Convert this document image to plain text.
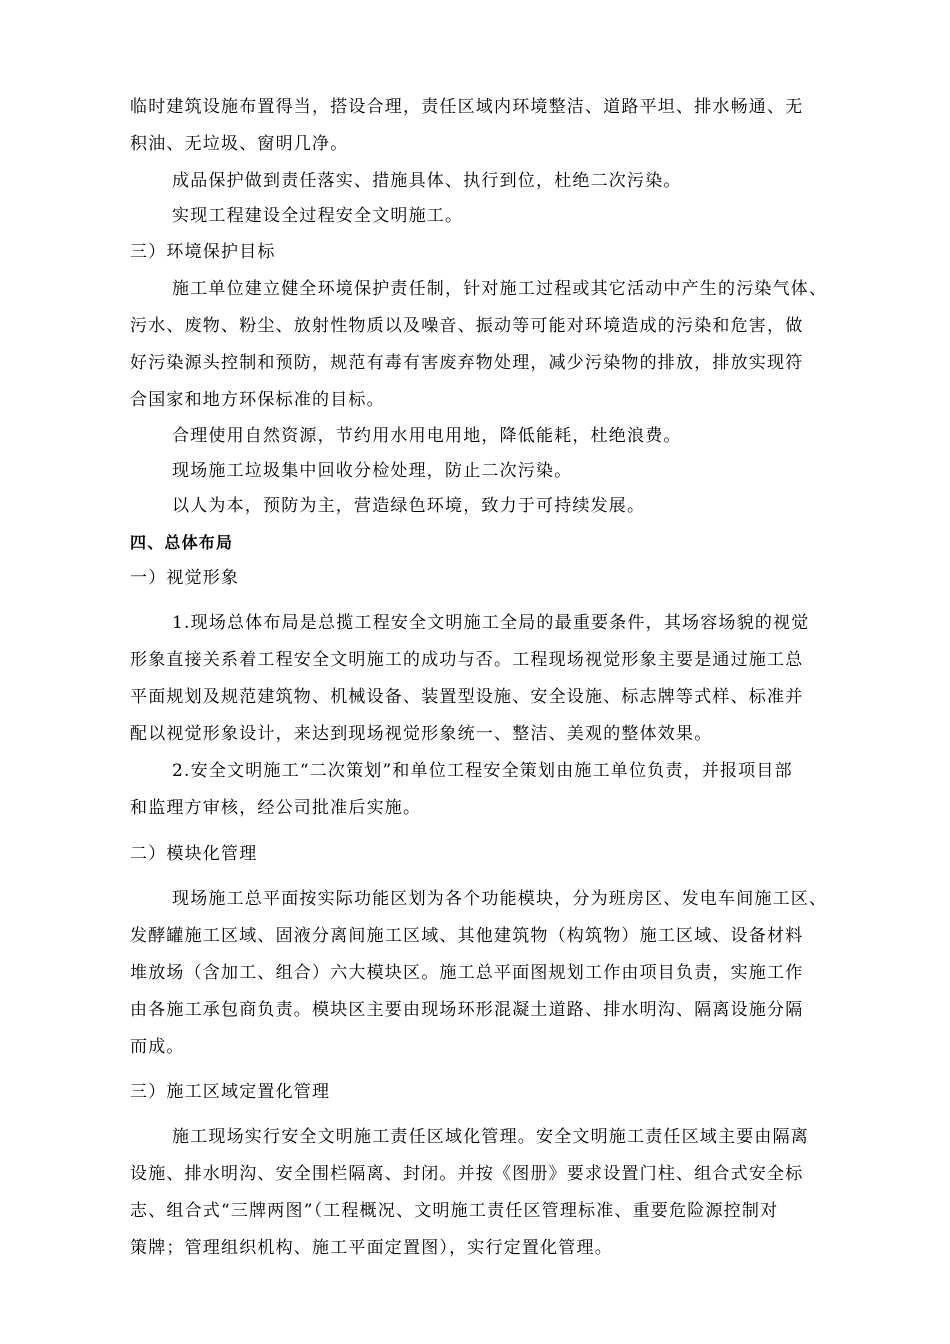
临时建筑设施布置得当，搭设合理，责任区域内环境整洁、道路平坦、排水畅通、无
积油、无垃圾、窗明几净。
成品保护做到责任落实、措施具体、执行到位，杜绝二次污染。
实现工程建设全过程安全文明施工。
三）环境保护目标
施工单位建立健全环境保护责任制，针对施工过程或其它活动中产生的污染气体、
污水、废物、粉尘、放射性物质以及噪音、振动等可能对环境造成的污染和危害，做
好污染源头控制和预防，规范有毒有害废弃物处理，减少污染物的排放，排放实现符
合国家和地方环保标准的目标。
合理使用自然资源，节约用水用电用地，降低能耗，杜绝浪费。
现场施工垃圾集中回收分检处理，防止二次污染。
以人为本，预防为主，营造绿色环境，致力于可持续发展。
四、总体布局
一）视觉形象
1.现场总体布局是总揽工程安全文明施工全局的最重要条件，其场容场貌的视觉
形象直接关系着工程安全文明施工的成功与否。工程现场视觉形象主要是通过施工总
平面规划及规范建筑物、机械设备、装置型设施、安全设施、标志牌等式样、标准并
配以视觉形象设计，来达到现场视觉形象统一、整洁、美观的整体效果。
2.安全文明施工“二次策划”和单位工程安全策划由施工单位负责，并报项目部
和监理方审核，经公司批准后实施。
二）模块化管理
现场施工总平面按实际功能区划为各个功能模块，分为班房区、发电车间施工区、
发酵罐施工区域、固液分离间施工区域、其他建筑物（构筑物）施工区域、设备材料
堆放场（含加工、组合）六大模块区。施工总平面图规划工作由项目负责，实施工作
由各施工承包商负责。模块区主要由现场环形混凝土道路、排水明沟、隔离设施分隔
而成。
三）施工区域定置化管理
施工现场实行安全文明施工责任区域化管理。安全文明施工责任区域主要由隔离
设施、排水明沟、安全围栏隔离、封闭。并按《图册》要求设置门柱、组合式安全标
志、组合式“三牌两图”（工程概况、文明施工责任区管理标准、重要危险源控制对
策牌；管理组织机构、施工平面定置图），实行定置化管理。
